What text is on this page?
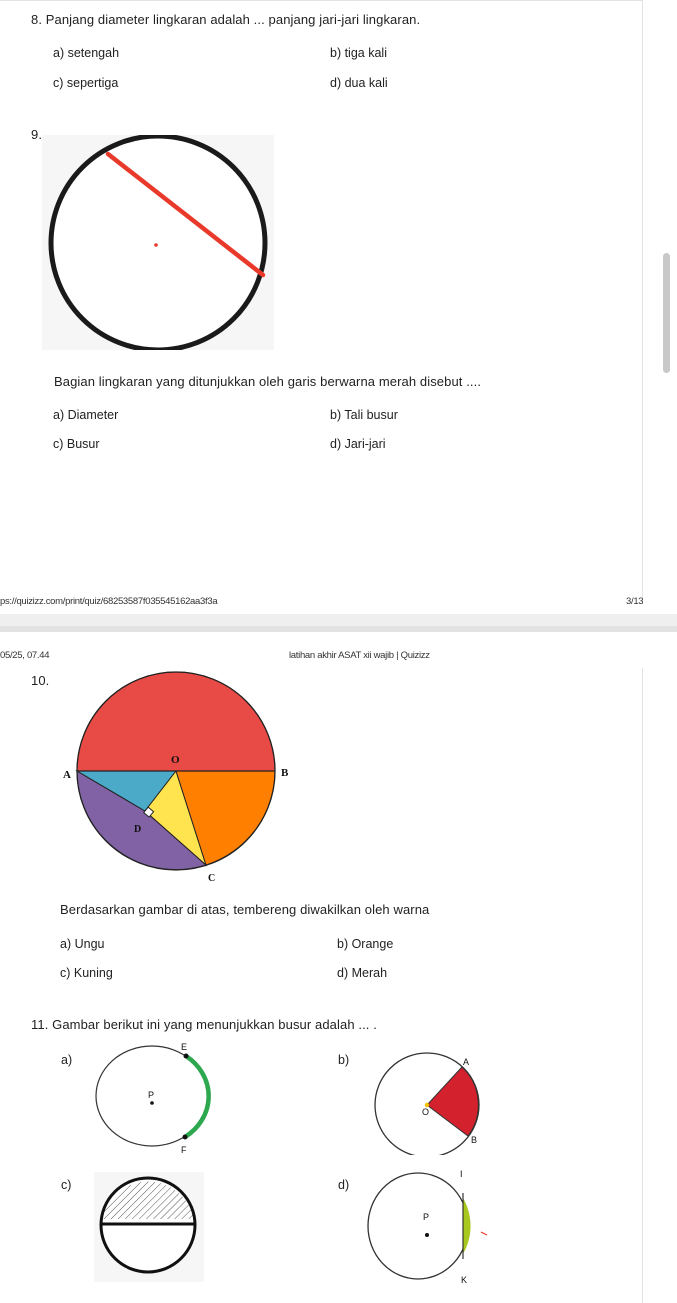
8. Panjang diameter lingkaran adalah ... panjang jari-jari lingkaran.
a) setengah	b) tiga kali
c) sepertiga	d) dua kali
9.
Bagian lingkaran yang ditunjukkan oleh garis berwarna merah disebut ....
a) Diameter	b) Tali busur
c) Busur	d) Jari-jari
ps://quizizz.com/print/quiz/68253587f035545162aa3f3a	3/13
05/25, 07.44	latihan akhir ASAT xii wajib | Quizizz
10.
A
O
B
D
C
Berdasarkan gambar di atas, tembereng diwakilkan oleh warna
a) Ungu	b) Orange
c) Kuning	d) Merah
11. Gambar berikut ini yang menunjukkan busur adalah ... .
a)
E
P
F
b)	A
O
B
c)	d)
I
P
K
